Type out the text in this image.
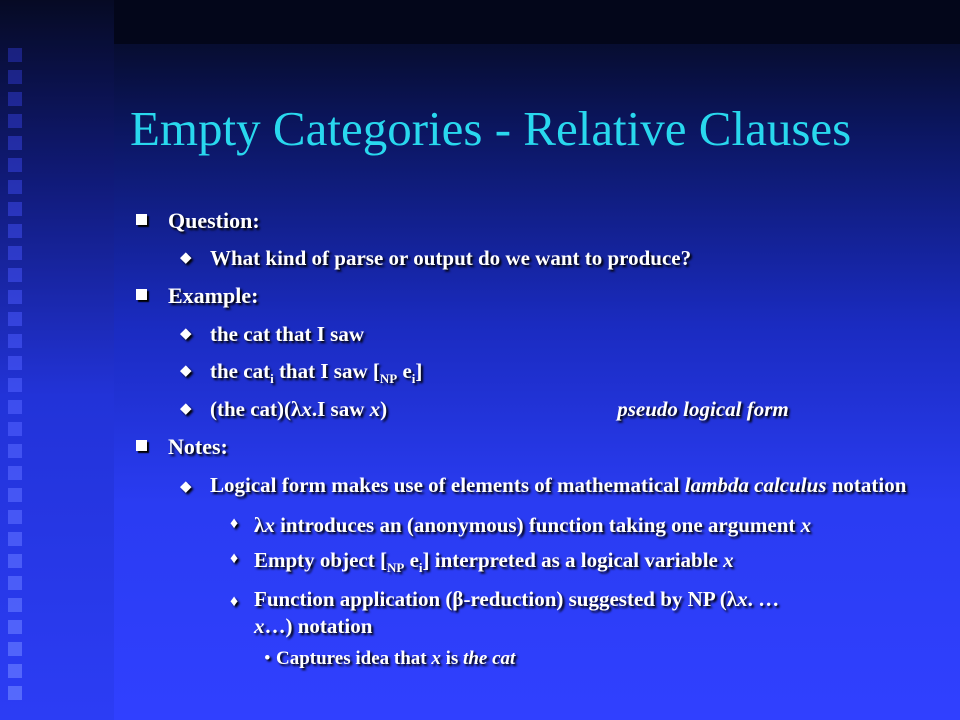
Empty Categories - Relative Clauses
Question:
◆ What kind of parse or output do we want to produce?
Example:
◆ the cat that I saw
◆ the cat$_i$ that I saw [$_{NP}$ $e_i$]
◆ (the cat)(λx.I saw x)	pseudo logical form
Notes:
◆ Logical form makes use of elements of mathematical lambda calculus notation
♦ λx introduces an (anonymous) function taking one argument x
♦ Empty object [$_{NP}$ $e_i$] interpreted as a logical variable x
♦ Function application (β-reduction) suggested by NP (λx. …x…) notation
• Captures idea that x is the cat
